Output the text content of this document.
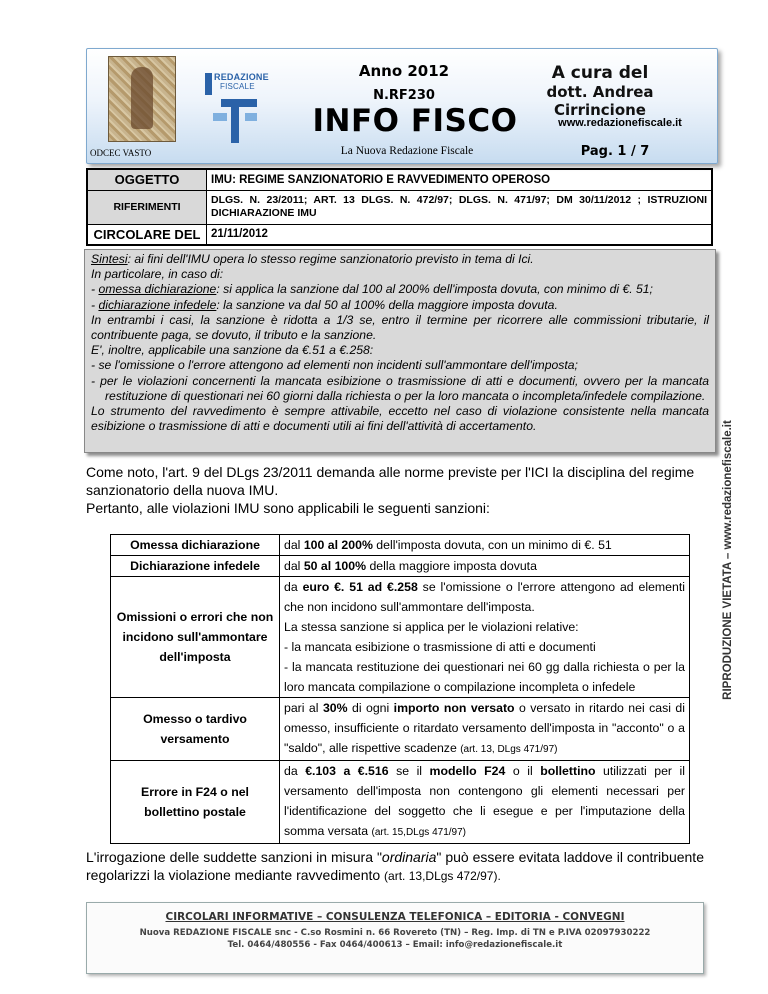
REDAZIONE
FISCALE
Anno 2012
N.RF230
INFO FISCO
A cura del
dott. Andrea Cirrincione
www.redazionefiscale.it
ODCEC VASTO	La Nuova Redazione Fiscale	Pag. 1 / 7
OGGETTO	IMU: REGIME SANZIONATORIO E RAVVEDIMENTO OPEROSO
RIFERIMENTI	DLGS. N. 23/2011; ART. 13 DLGS. N. 472/97; DLGS. N. 471/97; DM 30/11/2012 ; ISTRUZIONI DICHIARAZIONE IMU
CIRCOLARE DEL	21/11/2012

Sintesi: ai fini dell'IMU opera lo stesso regime sanzionatorio previsto in tema di Ici.

In particolare, in caso di:

- omessa dichiarazione: si applica la sanzione dal 100 al 200% dell'imposta dovuta, con minimo di €. 51;

- dichiarazione infedele: la sanzione va dal 50 al 100% della maggiore imposta dovuta.

In entrambi i casi, la sanzione è ridotta a 1/3 se, entro il termine per ricorrere alle commissioni tributarie, il contribuente paga, se dovuto, il tributo e la sanzione.

E', inoltre, applicabile una sanzione da €.51 a €.258:

- se l'omissione o l'errore attengono ad elementi non incidenti sull'ammontare dell'imposta;

- per le violazioni concernenti la mancata esibizione o trasmissione di atti e documenti, ovvero per la mancata restituzione di questionari nei 60 giorni dalla richiesta o per la loro mancata o incompleta/infedele compilazione.

Lo strumento del ravvedimento è sempre attivabile, eccetto nel caso di violazione consistente nella mancata esibizione o trasmissione di atti e documenti utili ai fini dell'attività di accertamento.	RIPRODUZIONE VIETATA – www.redazionefiscale.it

Come noto, l'art. 9 del DLgs 23/2011 demanda alle norme previste per l'ICI la disciplina del regime sanzionatorio della nuova IMU.

Pertanto, alle violazioni IMU sono applicabili le seguenti sanzioni:

Omessa dichiarazione	dal 100 al 200% dell'imposta dovuta, con un minimo di €. 51
Dichiarazione infedele	dal 50 al 100% della maggiore imposta dovuta
Omissioni o errori che non incidono sull'ammontare dell'imposta	da euro €. 51 ad €.258 se l'omissione o l'errore attengono ad elementi che non incidono sull'ammontare dell'imposta.
La stessa sanzione si applica per le violazioni relative:
- la mancata esibizione o trasmissione di atti e documenti
- la mancata restituzione dei questionari nei 60 gg dalla richiesta o per la loro mancata compilazione o compilazione incompleta o infedele

Omesso o tardivo versamento	pari al 30% di ogni importo non versato o versato in ritardo nei casi di omesso, insufficiente o ritardato versamento dell'imposta in "acconto" o a "saldo", alle rispettive scadenze (art. 13, DLgs 471/97)
Errore in F24 o nel bollettino postale	da €.103 a €.516 se il modello F24 o il bollettino utilizzati per il versamento dell'imposta non contengono gli elementi necessari per l'identificazione del soggetto che li esegue e per l'imputazione della somma versata (art. 15,DLgs 471/97)
L'irrogazione delle suddette sanzioni in misura "ordinaria" può essere evitata laddove il contribuente regolarizzi la violazione mediante ravvedimento (art. 13,DLgs 472/97).
CIRCOLARI INFORMATIVE – CONSULENZA TELEFONICA – EDITORIA - CONVEGNI
Nuova REDAZIONE FISCALE snc - C.so Rosmini n. 66 Rovereto (TN) – Reg. Imp. di TN e P.IVA 02097930222
Tel. 0464/480556 - Fax 0464/400613 – Email: info@redazionefiscale.it
